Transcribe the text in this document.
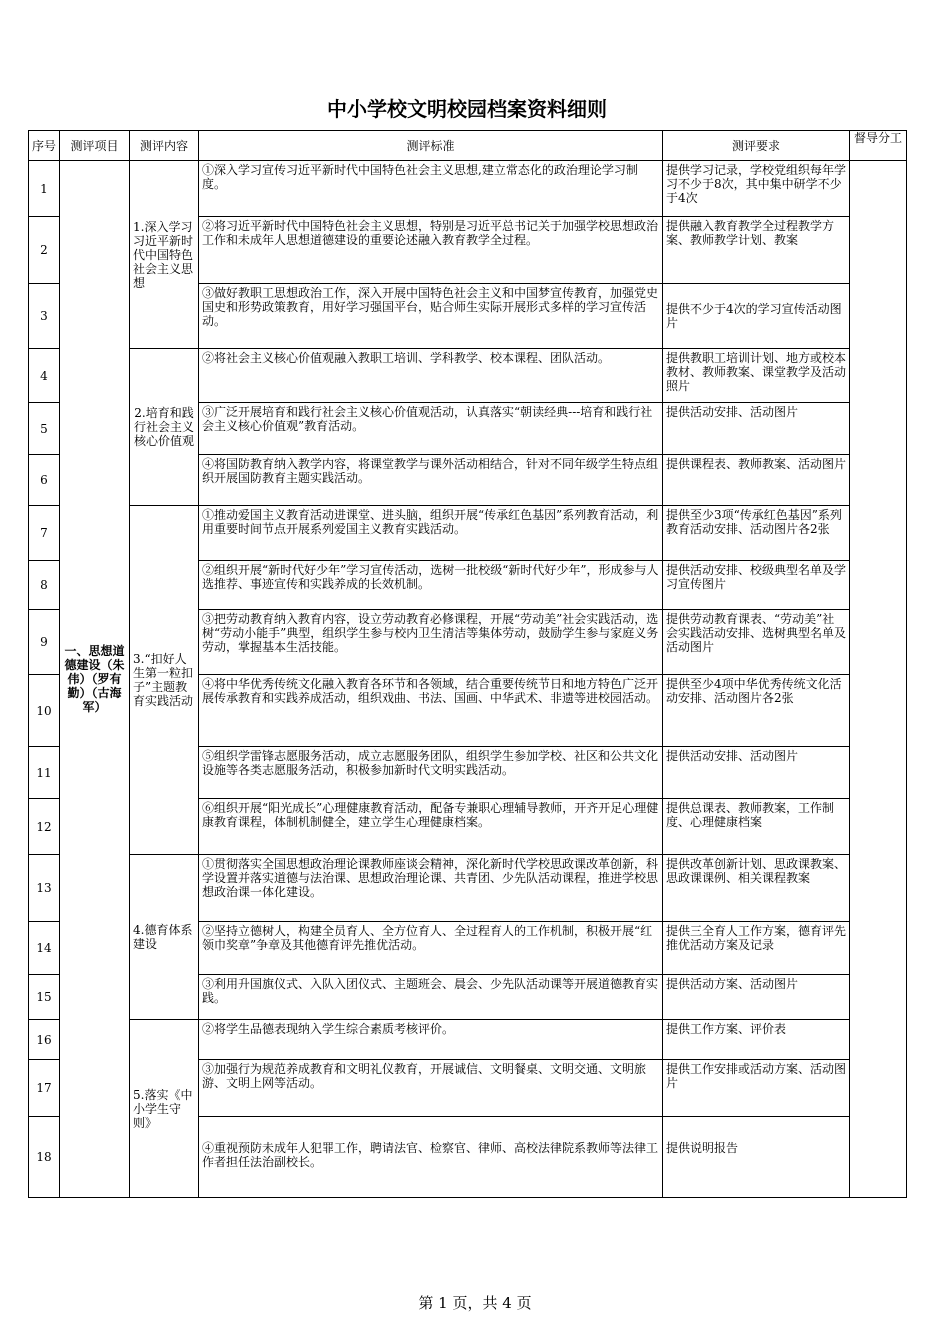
中小学校文明校园档案资料细则
序号	测评项目	测评内容	测评标准	测评要求	督导分工
1	一、思想道德建设（朱 伟）（罗有勤）（古海军）	1.深入学习习近平新时代中国特色社会主义思想	①深入学习宣传习近平新时代中国特色社会主义思想,建立常态化的政治理论学习制度。	提供学习记录，学校党组织每年学习不少于8次，其中集中研学不少于4次	
2			②将习近平新时代中国特色社会主义思想，特别是习近平总书记关于加强学校思想政治工作和未成年人思想道德建设的重要论述融入教育教学全过程。	提供融入教育教学全过程教学方案、教师教学计划、教案	
3			③做好教职工思想政治工作，深入开展中国特色社会主义和中国梦宣传教育，加强党史国史和形势政策教育，用好学习强国平台，贴合师生实际开展形式多样的学习宣传活动。	提供不少于4次的学习宣传活动图片	
4		2.培育和践行社会主义核心价值观	②将社会主义核心价值观融入教职工培训、学科教学、校本课程、团队活动。	提供教职工培训计划、地方或校本教材、教师教案、课堂教学及活动照片	
5			③广泛开展培育和践行社会主义核心价值观活动，认真落实“朝读经典---培育和践行社会主义核心价值观”教育活动。	提供活动安排、活动图片	
6			④将国防教育纳入教学内容，将课堂教学与课外活动相结合，针对不同年级学生特点组织开展国防教育主题实践活动。	提供课程表、教师教案、活动图片	
7		3.“扣好人生第一粒扣子”主题教育实践活动	①推动爱国主义教育活动进课堂、进头脑，组织开展“传承红色基因”系列教育活动，利用重要时间节点开展系列爱国主义教育实践活动。	提供至少3项“传承红色基因”系列教育活动安排、活动图片各2张	
8			②组织开展“新时代好少年”学习宣传活动，选树一批校级“新时代好少年”，形成参与人选推荐、事迹宣传和实践养成的长效机制。	提供活动安排、校级典型名单及学习宣传图片	
9			③把劳动教育纳入教育内容，设立劳动教育必修课程，开展“劳动美”社会实践活动，选树“劳动小能手”典型，组织学生参与校内卫生清洁等集体劳动，鼓励学生参与家庭义务劳动，掌握基本生活技能。	提供劳动教育课表、“劳动美”社会实践活动安排、选树典型名单及活动图片	
10			④将中华优秀传统文化融入教育各环节和各领域，结合重要传统节日和地方特色广泛开展传承教育和实践养成活动，组织戏曲、书法、国画、中华武术、非遗等进校园活动。	提供至少4项中华优秀传统文化活动安排、活动图片各2张	
11			⑤组织学雷锋志愿服务活动，成立志愿服务团队，组织学生参加学校、社区和公共文化设施等各类志愿服务活动，积极参加新时代文明实践活动。	提供活动安排、活动图片	
12			⑥组织开展“阳光成长”心理健康教育活动，配备专兼职心理辅导教师，开齐开足心理健康教育课程，体制机制健全，建立学生心理健康档案。	提供总课表、教师教案，工作制度、心理健康档案	
13		4.德育体系建设	①贯彻落实全国思想政治理论课教师座谈会精神，深化新时代学校思政课改革创新，科学设置并落实道德与法治课、思想政治理论课、共青团、少先队活动课程，推进学校思想政治课一体化建设。	提供改革创新计划、思政课教案、思政课课例、相关课程教案	
14			②坚持立德树人，构建全员育人、全方位育人、全过程育人的工作机制，积极开展“红领巾奖章”争章及其他德育评先推优活动。	提供三全育人工作方案，德育评先推优活动方案及记录	
15			③利用升国旗仪式、入队入团仪式、主题班会、晨会、少先队活动课等开展道德教育实践。	提供活动方案、活动图片	
16		5.落实《中小学生守则》	②将学生品德表现纳入学生综合素质考核评价。	提供工作方案、评价表	
17			③加强行为规范养成教育和文明礼仪教育，开展诚信、文明餐桌、文明交通、文明旅游、文明上网等活动。	提供工作安排或活动方案、活动图片	
18			④重视预防未成年人犯罪工作，聘请法官、检察官、律师、高校法律院系教师等法律工作者担任法治副校长。	提供说明报告	
第 1 页，共 4 页
